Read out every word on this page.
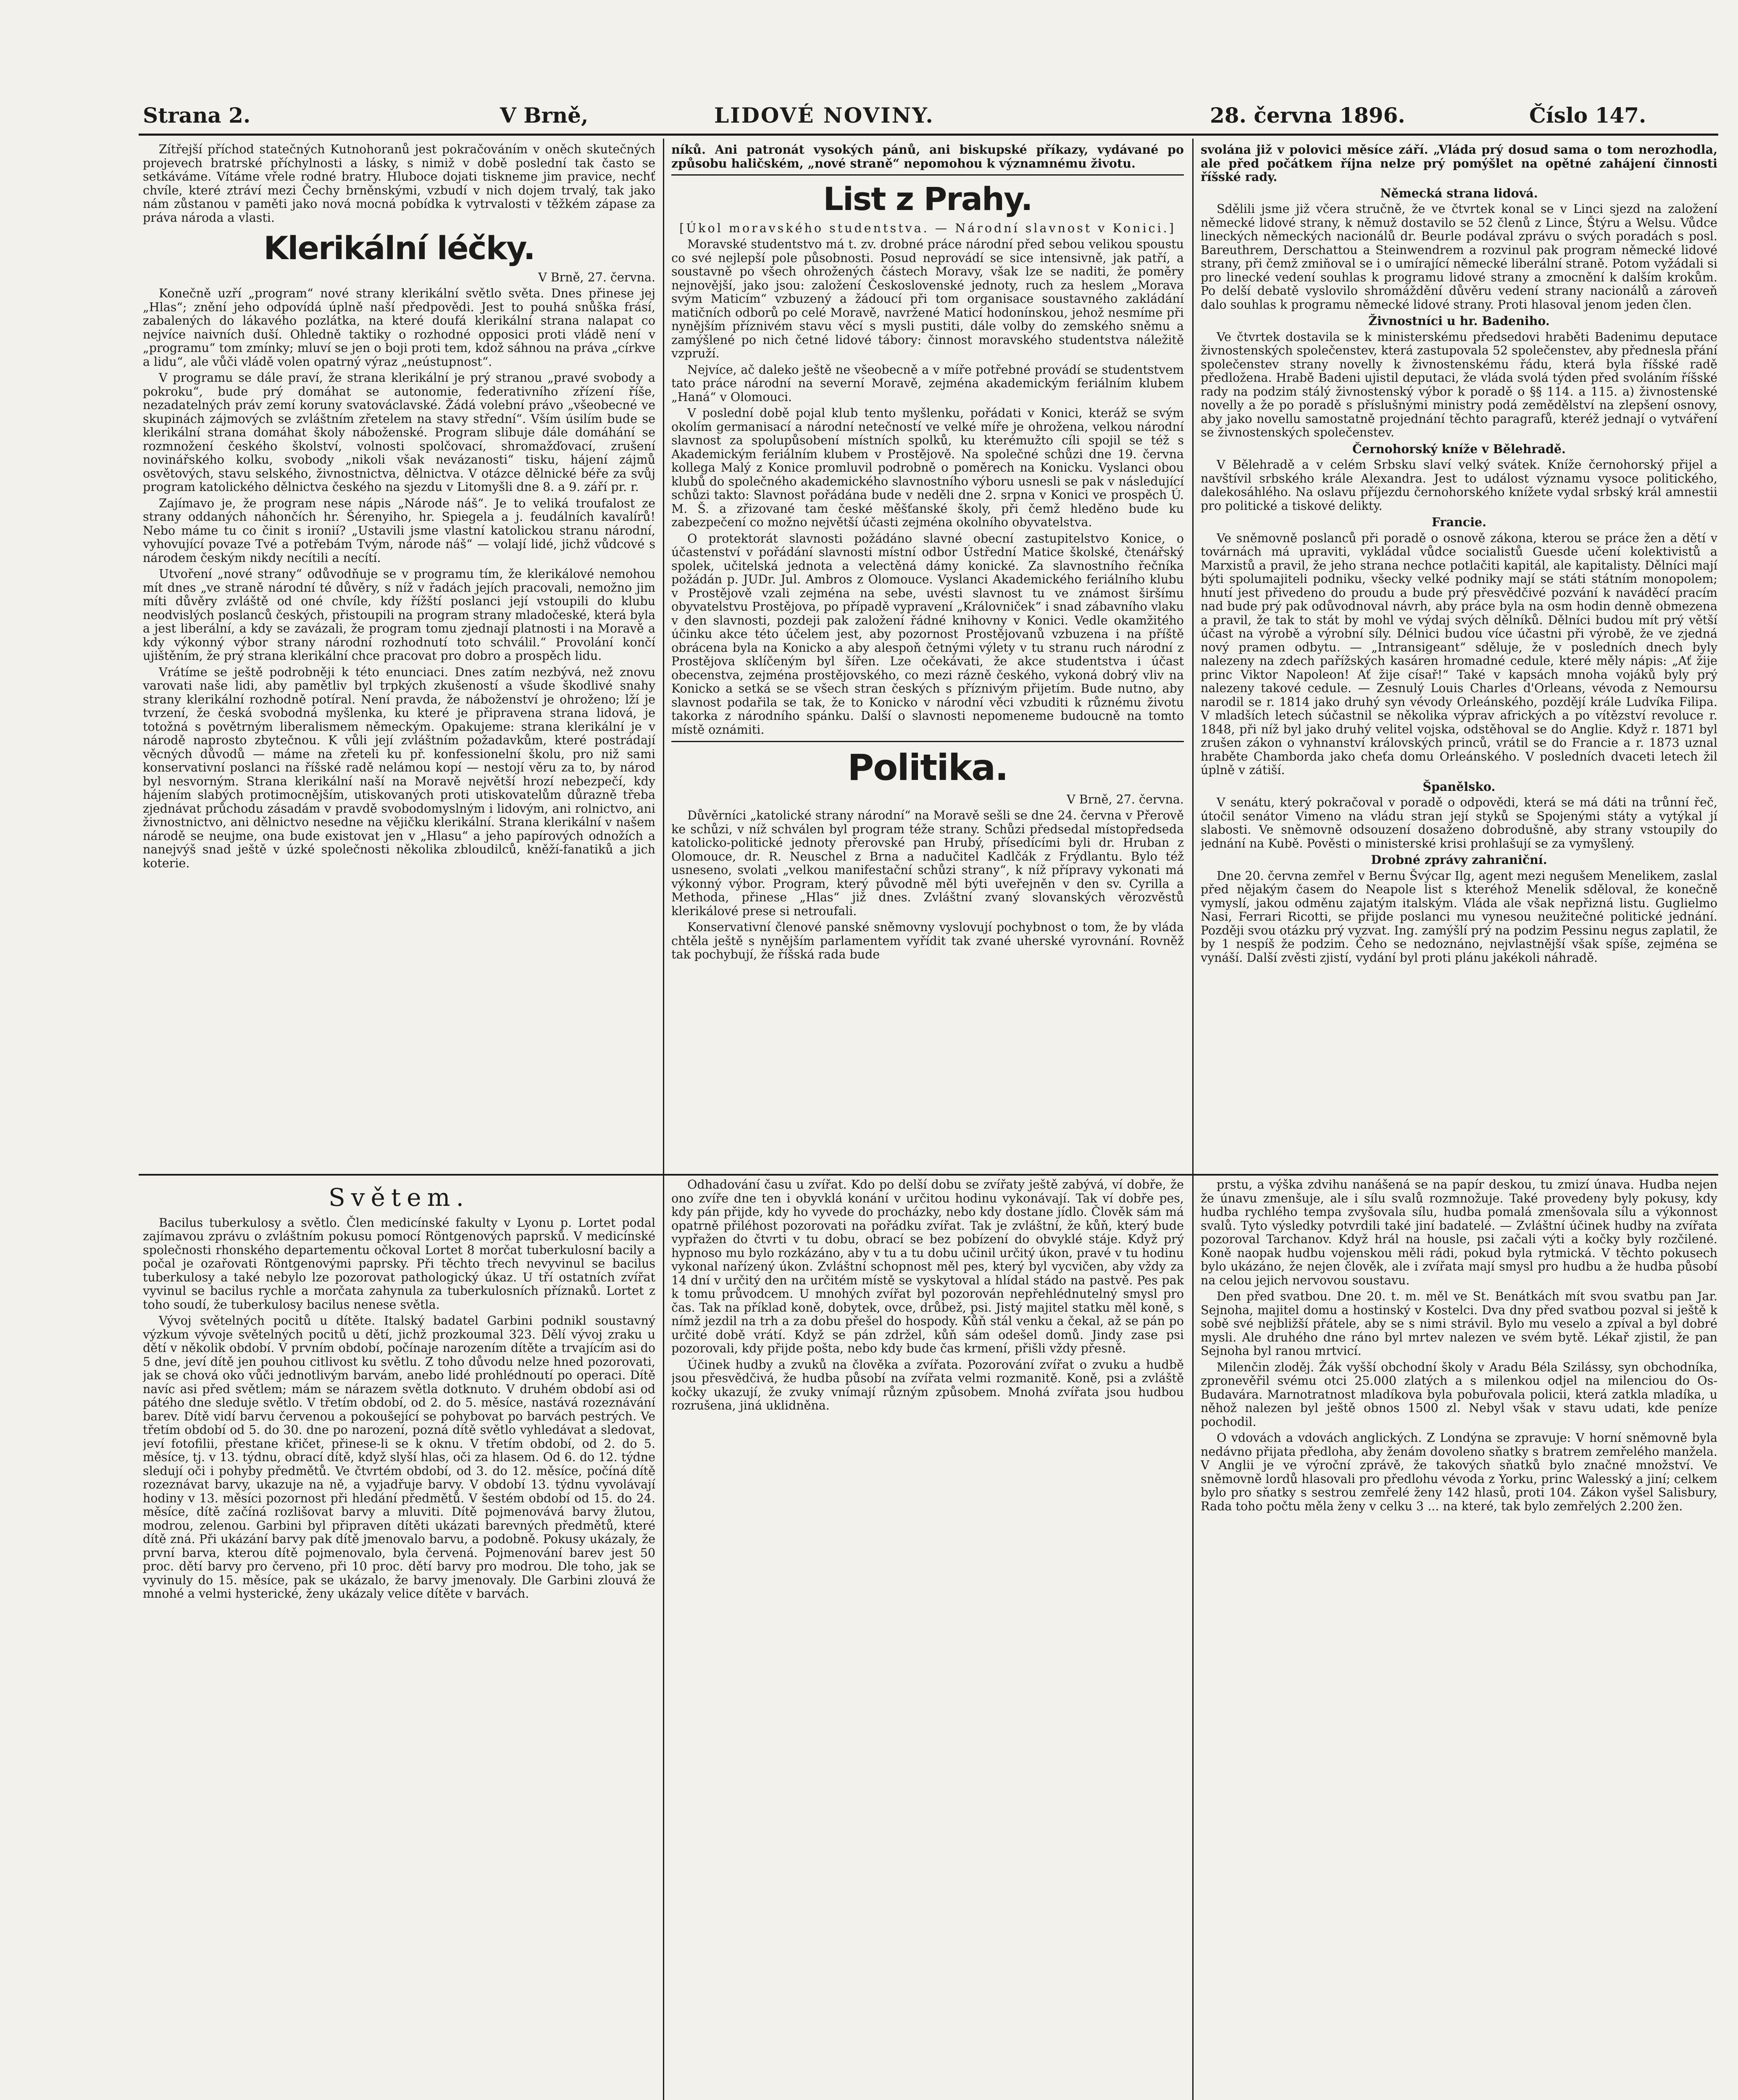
Strana 2.	V Brně,	LIDOVÉ NOVINY.	28. června 1896.	Číslo 147.

Zítřejší příchod statečných Kutnohoranů jest pokračováním v oněch skutečných projevech bratrské příchylnosti a lásky, s nimiž v době poslední tak často se setkáváme. Vítáme vřele rodné bratry. Hluboce dojati tiskneme jim pravice, nechť chvíle, které ztráví mezi Čechy brněnskými, vzbudí v nich dojem trvalý, tak jako nám zůstanou v paměti jako nová mocná pobídka k vytrvalosti v těžkém zápase za práva národa a vlasti.

Klerikální léčky.

V Brně, 27. června.

Konečně uzří „program“ nové strany klerikální světlo světa. Dnes přinese jej „Hlas“; znění jeho odpovídá úplně naší předpovědi. Jest to pouhá snůška frásí, zabalených do lákavého pozlátka, na které doufá klerikální strana nalapat co nejvíce naivních duší. Ohledně taktiky o rozhodné opposici proti vládě není v „programu“ tom zmínky; mluví se jen o boji proti tem, kdož sáhnou na práva „církve a lidu“, ale vůči vládě volen opatrný výraz „neústupnost“.

V programu se dále praví, že strana klerikální je prý stranou „pravé svobody a pokroku“, bude prý domáhat se autonomie, federativního zřízení říše, nezadatelných práv zemí koruny svatováclavské. Žádá volební právo „všeobecné ve skupinách zájmových se zvláštním zřetelem na stavy střední“. Vším úsilím bude se klerikální strana domáhat školy náboženské. Program slibuje dále domáhání se rozmnožení českého školství, volnosti spolčovací, shromažďovací, zrušení novinářského kolku, svobody „nikoli však nevázanosti“ tisku, hájení zájmů osvětových, stavu selského, živnostnictva, dělnictva. V otázce dělnické béře za svůj program katolického dělnictva českého na sjezdu v Litomyšli dne 8. a 9. září pr. r.

Zajímavo je, že program nese nápis „Národe náš“. Je to veliká troufalost ze strany oddaných náhončích hr. Šérenyiho, hr. Spiegela a j. feudálních kavalírů! Nebo máme tu co činit s ironií? „Ustavili jsme vlastní katolickou stranu národní, vyhovující povaze Tvé a potřebám Tvým, národe náš“ — volají lidé, jichž vůdcové s národem českým nikdy necítili a necítí.

Utvoření „nové strany“ odůvodňuje se v programu tím, že klerikálové nemohou mít dnes „ve straně národní té důvěry, s níž v řadách jejích pracovali, nemožno jim míti důvěry zvláště od oné chvíle, kdy řížští poslanci její vstoupili do klubu neodvislých poslanců českých, přistoupili na program strany mladočeské, která byla a jest liberální, a kdy se zavázali, že program tomu zjednají platnosti i na Moravě a kdy výkonný výbor strany národní rozhodnutí toto schválil.“ Provolání končí ujištěním, že prý strana klerikální chce pracovat pro dobro a prospěch lidu.

Vrátíme se ještě podrobněji k této enunciaci. Dnes zatím nezbývá, než znovu varovati naše lidi, aby pamětliv byl trpkých zkušeností a všude škodlivé snahy strany klerikální rozhodně potíral. Není pravda, že náboženství je ohroženo; lží je tvrzení, že česká svobodná myšlenka, ku které je připravena strana lidová, je totožná s povětrným liberalismem německým. Opakujeme: strana klerikální je v národě naprosto zbytečnou. K vůli její zvláštním požadavkům, které postrádají věcných důvodů — máme na zřeteli ku př. konfessionelní školu, pro niž sami konservativní poslanci na říšské radě nelámou kopí — nestojí věru za to, by národ byl nesvorným. Strana klerikální naší na Moravě největší hrozí nebezpečí, kdy hájením slabých protimocnějším, utiskovaných proti utiskovatelům důrazně třeba zjednávat průchodu zásadám v pravdě svobodomyslným i lidovým, ani rolnictvo, ani živnostnictvo, ani dělnictvo nesedne na vějičku klerikální. Strana klerikální v našem národě se neujme, ona bude existovat jen v „Hlasu“ a jeho papírových odnožích a nanejvýš snad ještě v úzké společnosti několika zbloudilců, kněží-fanatiků a jich koterie.

Světem.

Bacilus tuberkulosy a světlo. Člen medicínské fakulty v Lyonu p. Lortet podal zajímavou zprávu o zvláštním pokusu pomocí Röntgenových paprsků. V medicínské společnosti rhonského departementu očkoval Lortet 8 morčat tuberkulosní bacily a počal je ozařovati Röntgenovými paprsky. Při těchto třech nevyvinul se bacilus tuberkulosy a také nebylo lze pozorovat pathologický úkaz. U tří ostatních zvířat vyvinul se bacilus rychle a morčata zahynula za tuberkulosních příznaků. Lortet z toho soudí, že tuberkulosy bacilus nenese světla.

Vývoj světelných pocitů u dítěte. Italský badatel Garbini podnikl soustavný výzkum vývoje světelných pocitů u dětí, jichž prozkoumal 323. Dělí vývoj zraku u dětí v několik období. V prvním období, počínaje narozením dítěte a trvajícím asi do 5 dne, jeví dítě jen pouhou citlivost ku světlu. Z toho důvodu nelze hned pozorovati, jak se chová oko vůči jednotlivým barvám, anebo lidé prohlédnoutí po operaci. Dítě navíc asi před světlem; mám se nárazem světla dotknuto. V druhém období asi od pátého dne sleduje světlo. V třetím období, od 2. do 5. měsíce, nastává rozeznávání barev. Dítě vidí barvu červenou a pokoušející se pohybovat po barvách pestrých. Ve třetím období od 5. do 30. dne po narození, pozná dítě světlo vyhledávat a sledovat, jeví fotofilii, přestane křičet, přinese-li se k oknu. V třetím období, od 2. do 5. měsíce, tj. v 13. týdnu, obrací dítě, když slyší hlas, oči za hlasem. Od 6. do 12. týdne sledují oči i pohyby předmětů. Ve čtvrtém období, od 3. do 12. měsíce, počíná dítě rozeznávat barvy, ukazuje na ně, a vyjadřuje barvy. V období 13. týdnu vyvolávají hodiny v 13. měsíci pozornost při hledání předmětů. V šestém období od 15. do 24. měsíce, dítě začíná rozlišovat barvy a mluviti. Dítě pojmenovává barvy žlutou, modrou, zelenou. Garbini byl připraven dítěti ukázati barevných předmětů, které dítě zná. Při ukázání barvy pak dítě jmenovalo barvu, a podobně. Pokusy ukázaly, že první barva, kterou dítě pojmenovalo, byla červená. Pojmenování barev jest 50 proc. dětí barvy pro červeno, při 10 proc. dětí barvy pro modrou. Dle toho, jak se vyvinuly do 15. měsíce, pak se ukázalo, že barvy jmenovaly. Dle Garbini zlouvá že mnohé a velmi hysterické, ženy ukázaly velice dítěte v barvách.

níků. Ani patronát vysokých pánů, ani biskupské příkazy, vydávané po způsobu haličském, „nové straně“ nepomohou k významnému životu.

List z Prahy.

[Úkol moravského studentstva. — Národní slavnost v Konici.]

Moravské studentstvo má t. zv. drobné práce národní před sebou velikou spoustu co své nejlepší pole působnosti. Posud neprovádí se sice intensivně, jak patří, a soustavně po všech ohrožených částech Moravy, však lze se naditi, že poměry nejnovější, jako jsou: založení Československé jednoty, ruch za heslem „Morava svým Maticím“ vzbuzený a žádoucí při tom organisace soustavného zakládání matičních odborů po celé Moravě, navržené Maticí hodonínskou, jehož nesmíme při nynějším příznivém stavu věcí s mysli pustiti, dále volby do zemského sněmu a zamýšlené po nich četné lidové tábory: činnost moravského studentstva náležitě vzpruží.

Nejvíce, ač daleko ještě ne všeobecně a v míře potřebné provádí se studentstvem tato práce národní na severní Moravě, zejména akademickým feriálním klubem „Haná“ v Olomouci.

V poslední době pojal klub tento myšlenku, pořádati v Konici, kteráž se svým okolím germanisací a národní netečností ve velké míře je ohrožena, velkou národní slavnost za spolupůsobení místních spolků, ku kterémužto cíli spojil se též s Akademickým feriálním klubem v Prostějově. Na společné schůzi dne 19. června kollega Malý z Konice promluvil podrobně o poměrech na Konicku. Vyslanci obou klubů do společného akademického slavnostního výboru usnesli se pak v následující schůzi takto: Slavnost pořádána bude v neděli dne 2. srpna v Konici ve prospěch Ú. M. Š. a zřizované tam české měšťanské školy, při čemž hleděno bude ku zabezpečení co možno největší účasti zejména okolního obyvatelstva.

O protektorát slavnosti požádáno slavné obecní zastupitelstvo Konice, o účastenství v pořádání slavnosti místní odbor Ústřední Matice školské, čtenářský spolek, učitelská jednota a velectěná dámy konické. Za slavnostního řečníka požádán p. JUDr. Jul. Ambros z Olomouce. Vyslanci Akademického feriálního klubu v Prostějově vzali zejména na sebe, uvésti slavnost tu ve známost širšímu obyvatelstvu Prostějova, po případě vypravení „Královniček“ i snad zábavního vlaku v den slavnosti, pozdeji pak založení řádné knihovny v Konici. Vedle okamžitého účinku akce této účelem jest, aby pozornost Prostějovanů vzbuzena i na příště obrácena byla na Konicko a aby alespoň četnými výlety v tu stranu ruch národní z Prostějova sklíčeným byl šířen. Lze očekávati, že akce studentstva i účast obecenstva, zejména prostějovského, co mezi rázně českého, vykoná dobrý vliv na Konicko a setká se se všech stran českých s příznivým přijetím. Bude nutno, aby slavnost podařila se tak, že to Konicko v národní věci vzbuditi k různému životu takorka z národního spánku. Další o slavnosti nepomeneme budoucně na tomto místě oznámiti.

Politika.

V Brně, 27. června.

Důvěrníci „katolické strany národní“ na Moravě sešli se dne 24. června v Přerově ke schůzi, v níž schválen byl program téže strany. Schůzi předsedal místopředseda katolicko-politické jednoty přerovské pan Hrubý, přísedícími byli dr. Hruban z Olomouce, dr. R. Neuschel z Brna a nadučitel Kadlčák z Frýdlantu. Bylo též usneseno, svolati „velkou manifestační schůzi strany“, k níž přípravy vykonati má výkonný výbor. Program, který původně měl býti uveřejněn v den sv. Cyrilla a Methoda, přinese „Hlas“ již dnes. Zvláštní zvaný slovanských věrozvěstů klerikálové prese si netroufali.

Konservativní členové panské sněmovny vyslovují pochybnost o tom, že by vláda chtěla ještě s nynějším parlamentem vyřídit tak zvané uherské vyrovnání. Rovněž tak pochybují, že říšská rada bude

Odhadování času u zvířat. Kdo po delší dobu se zvířaty ještě zabývá, ví dobře, že ono zvíře dne ten i obyvklá konání v určitou hodinu vykonávají. Tak ví dobře pes, kdy pán přijde, kdy ho vyvede do procházky, nebo kdy dostane jídlo. Člověk sám má opatrně přiléhost pozorovati na pořádku zvířat. Tak je zvláštní, že kůň, který bude vypřažen do čtvrti v tu dobu, obrací se bez pobízení do obvyklé stáje. Když prý hypnoso mu bylo rozkázáno, aby v tu a tu dobu učinil určitý úkon, pravé v tu hodinu vykonal nařízený úkon. Zvláštní schopnost měl pes, který byl vycvičen, aby vždy za 14 dní v určitý den na určitém místě se vyskytoval a hlídal stádo na pastvě. Pes pak k tomu průvodcem. U mnohých zvířat byl pozorován nepřehlédnutelný smysl pro čas. Tak na příklad koně, dobytek, ovce, drůbež, psi. Jistý majitel statku měl koně, s nímž jezdil na trh a za dobu přešel do hospody. Kůň stál venku a čekal, až se pán po určité době vrátí. Když se pán zdržel, kůň sám odešel domů. Jindy zase psi pozorovali, kdy přijde pošta, nebo kdy bude čas krmení, přišli vždy přesně.

Účinek hudby a zvuků na člověka a zvířata. Pozorování zvířat o zvuku a hudbě jsou přesvědčivá, že hudba působí na zvířata velmi rozmanitě. Koně, psi a zvláště kočky ukazují, že zvuky vnímají různým způsobem. Mnohá zvířata jsou hudbou rozrušena, jiná uklidněna.

svolána již v polovici měsíce září. „Vláda prý dosud sama o tom nerozhodla, ale před počátkem října nelze prý pomýšlet na opětné zahájení činnosti říšské rady.

Německá strana lidová.

Sdělili jsme již včera stručně, že ve čtvrtek konal se v Linci sjezd na založení německé lidové strany, k němuž dostavilo se 52 členů z Lince, Štýru a Welsu. Vůdce lineckých německých nacionálů dr. Beurle podával zprávu o svých poradách s posl. Bareuthrem, Derschattou a Steinwendrem a rozvinul pak program německé lidové strany, při čemž zmiňoval se i o umírající německé liberální straně. Potom vyžádali si pro linecké vedení souhlas k programu lidové strany a zmocnění k dalším krokům. Po delší debatě vyslovilo shromáždění důvěru vedení strany nacionálů a zároveň dalo souhlas k programu německé lidové strany. Proti hlasoval jenom jeden člen.

Živnostníci u hr. Badeniho.

Ve čtvrtek dostavila se k ministerskému předsedovi hraběti Badenimu deputace živnostenských společenstev, která zastupovala 52 společenstev, aby přednesla přání společenstev strany novelly k živnostenskému řádu, která byla říšské radě předložena. Hrabě Badeni ujistil deputaci, že vláda svolá týden před svoláním říšské rady na podzim stálý živnostenský výbor k poradě o §§ 114. a 115. a) živnostenské novelly a že po poradě s příslušnými ministry podá zemědělství na zlepšení osnovy, aby jako novellu samostatně projednání těchto paragrafů, kteréž jednají o vytváření se živnostenských společenstev.

Černohorský kníže v Bělehradě.

V Bělehradě a v celém Srbsku slaví velký svátek. Kníže černohorský přijel a navštívil srbského krále Alexandra. Jest to událost významu vysoce politického, dalekosáhlého. Na oslavu příjezdu černohorského knížete vydal srbský král amnestii pro politické a tiskové delikty.

Francie.

Ve sněmovně poslanců při poradě o osnově zákona, kterou se práce žen a dětí v továrnách má upraviti, vykládal vůdce socialistů Guesde učení kolektivistů a Marxistů a pravil, že jeho strana nechce potlačiti kapitál, ale kapitalisty. Dělníci mají býti spolumajiteli podniku, všecky velké podniky mají se státi státním monopolem; hnutí jest přivedeno do proudu a bude prý přesvědčivé pozvání k naváděcí pracím nad bude prý pak odůvodnoval návrh, aby práce byla na osm hodin denně obmezena a pravil, že tak to stát by mohl ve výdaj svých dělníků. Dělníci budou mít prý větší účast na výrobě a výrobní síly. Délnici budou více účastni při výrobě, že ve zjedná nový pramen odbytu. — „Intransigeant“ sděluje, že v posledních dnech byly nalezeny na zdech pařížských kasáren hromadné cedule, které měly nápis: „Ať žije princ Viktor Napoleon! Ať žije císař!“ Také v kapsách mnoha vojáků byly prý nalezeny takové cedule. — Zesnulý Louis Charles d'Orleans, vévoda z Nemoursu narodil se r. 1814 jako druhý syn vévody Orleánského, pozdějí krále Ludvíka Filipa. V mladších letech súčastnil se několika výprav afrických a po vítězství revoluce r. 1848, při níž byl jako druhý velitel vojska, odstěhoval se do Anglie. Když r. 1871 byl zrušen zákon o vyhnanství královských princů, vrátil se do Francie a r. 1873 uznal hraběte Chamborda jako cheťa domu Orleánského. V posledních dvaceti letech žil úplně v zátiší.

Španělsko.

V senátu, který pokračoval v poradě o odpovědi, která se má dáti na trůnní řeč, útočil senátor Vimeno na vládu stran její styků se Spojenými státy a vytýkal jí slabosti. Ve sněmovně odsouzení dosaženo dobrodušně, aby strany vstoupily do jednání na Kubě. Pověsti o ministerské krisi prohlašují se za vymyšlený.

Drobné zprávy zahraniční.

Dne 20. června zemřel v Bernu Švýcar Ilg, agent mezi negušem Menelikem, zaslal před nějakým časem do Neapole list s kteréhož Menelik sděloval, že konečně vymyslí, jakou odměnu zajatým italským. Vláda ale však nepřizná listu. Guglielmo Nasi, Ferrari Ricotti, se přijde poslanci mu vynesou neužitečné politické jednání. Později svou otázku prý vyzvat. Ing. zamýšlí prý na podzim Pessinu negus zaplatil, že by 1 nespíš že podzim. Čeho se nedoznáno, nejvlastnější však spíše, zejména se vynáší. Další zvěsti zjistí, vydání byl proti plánu jakékoli náhradě.

prstu, a výška zdvihu nanášená se na papír deskou, tu zmizí únava. Hudba nejen že únavu zmenšuje, ale i sílu svalů rozmnožuje. Také provedeny byly pokusy, kdy hudba rychlého tempa zvyšovala sílu, hudba pomalá zmenšovala sílu a výkonnost svalů. Tyto výsledky potvrdili také jiní badatelé. — Zvláštní účinek hudby na zvířata pozoroval Tarchanov. Když hrál na housle, psi začali výti a kočky byly rozčilené. Koně naopak hudbu vojenskou měli rádi, pokud byla rytmická. V těchto pokusech bylo ukázáno, že nejen člověk, ale i zvířata mají smysl pro hudbu a že hudba působí na celou jejich nervovou soustavu.

Den před svatbou. Dne 20. t. m. měl ve St. Benátkách mít svou svatbu pan Jar. Sejnoha, majitel domu a hostinský v Kostelci. Dva dny před svatbou pozval si ještě k sobě své nejbližší přátele, aby se s nimi strávil. Bylo mu veselo a zpíval a byl dobré mysli. Ale druhého dne ráno byl mrtev nalezen ve svém bytě. Lékař zjistil, že pan Sejnoha byl ranou mrtvicí.

Milenčin zloděj. Žák vyšší obchodní školy v Aradu Béla Szilássy, syn obchodníka, zpronevěřil svému otci 25.000 zlatých a s milenkou odjel na milenciou do Os-Budavára. Marnotratnost mladíkova byla pobuřovala policii, která zatkla mladíka, u něhož nalezen byl ještě obnos 1500 zl. Nebyl však v stavu udati, kde peníze pochodil.

O vdovách a vdovách anglických. Z Londýna se zpravuje: V horní sněmovně byla nedávno přijata předloha, aby ženám dovoleno sňatky s bratrem zemřelého manžela. V Anglii je ve výroční zprávě, že takových sňatků bylo značné množství. Ve sněmovně lordů hlasovali pro předlohu vévoda z Yorku, princ Walesský a jiní; celkem bylo pro sňatky s sestrou zemřelé ženy 142 hlasů, proti 104. Zákon vyšel Salisbury, Rada toho počtu měla ženy v celku 3 ... na které, tak bylo zemřelých 2.200 žen.
